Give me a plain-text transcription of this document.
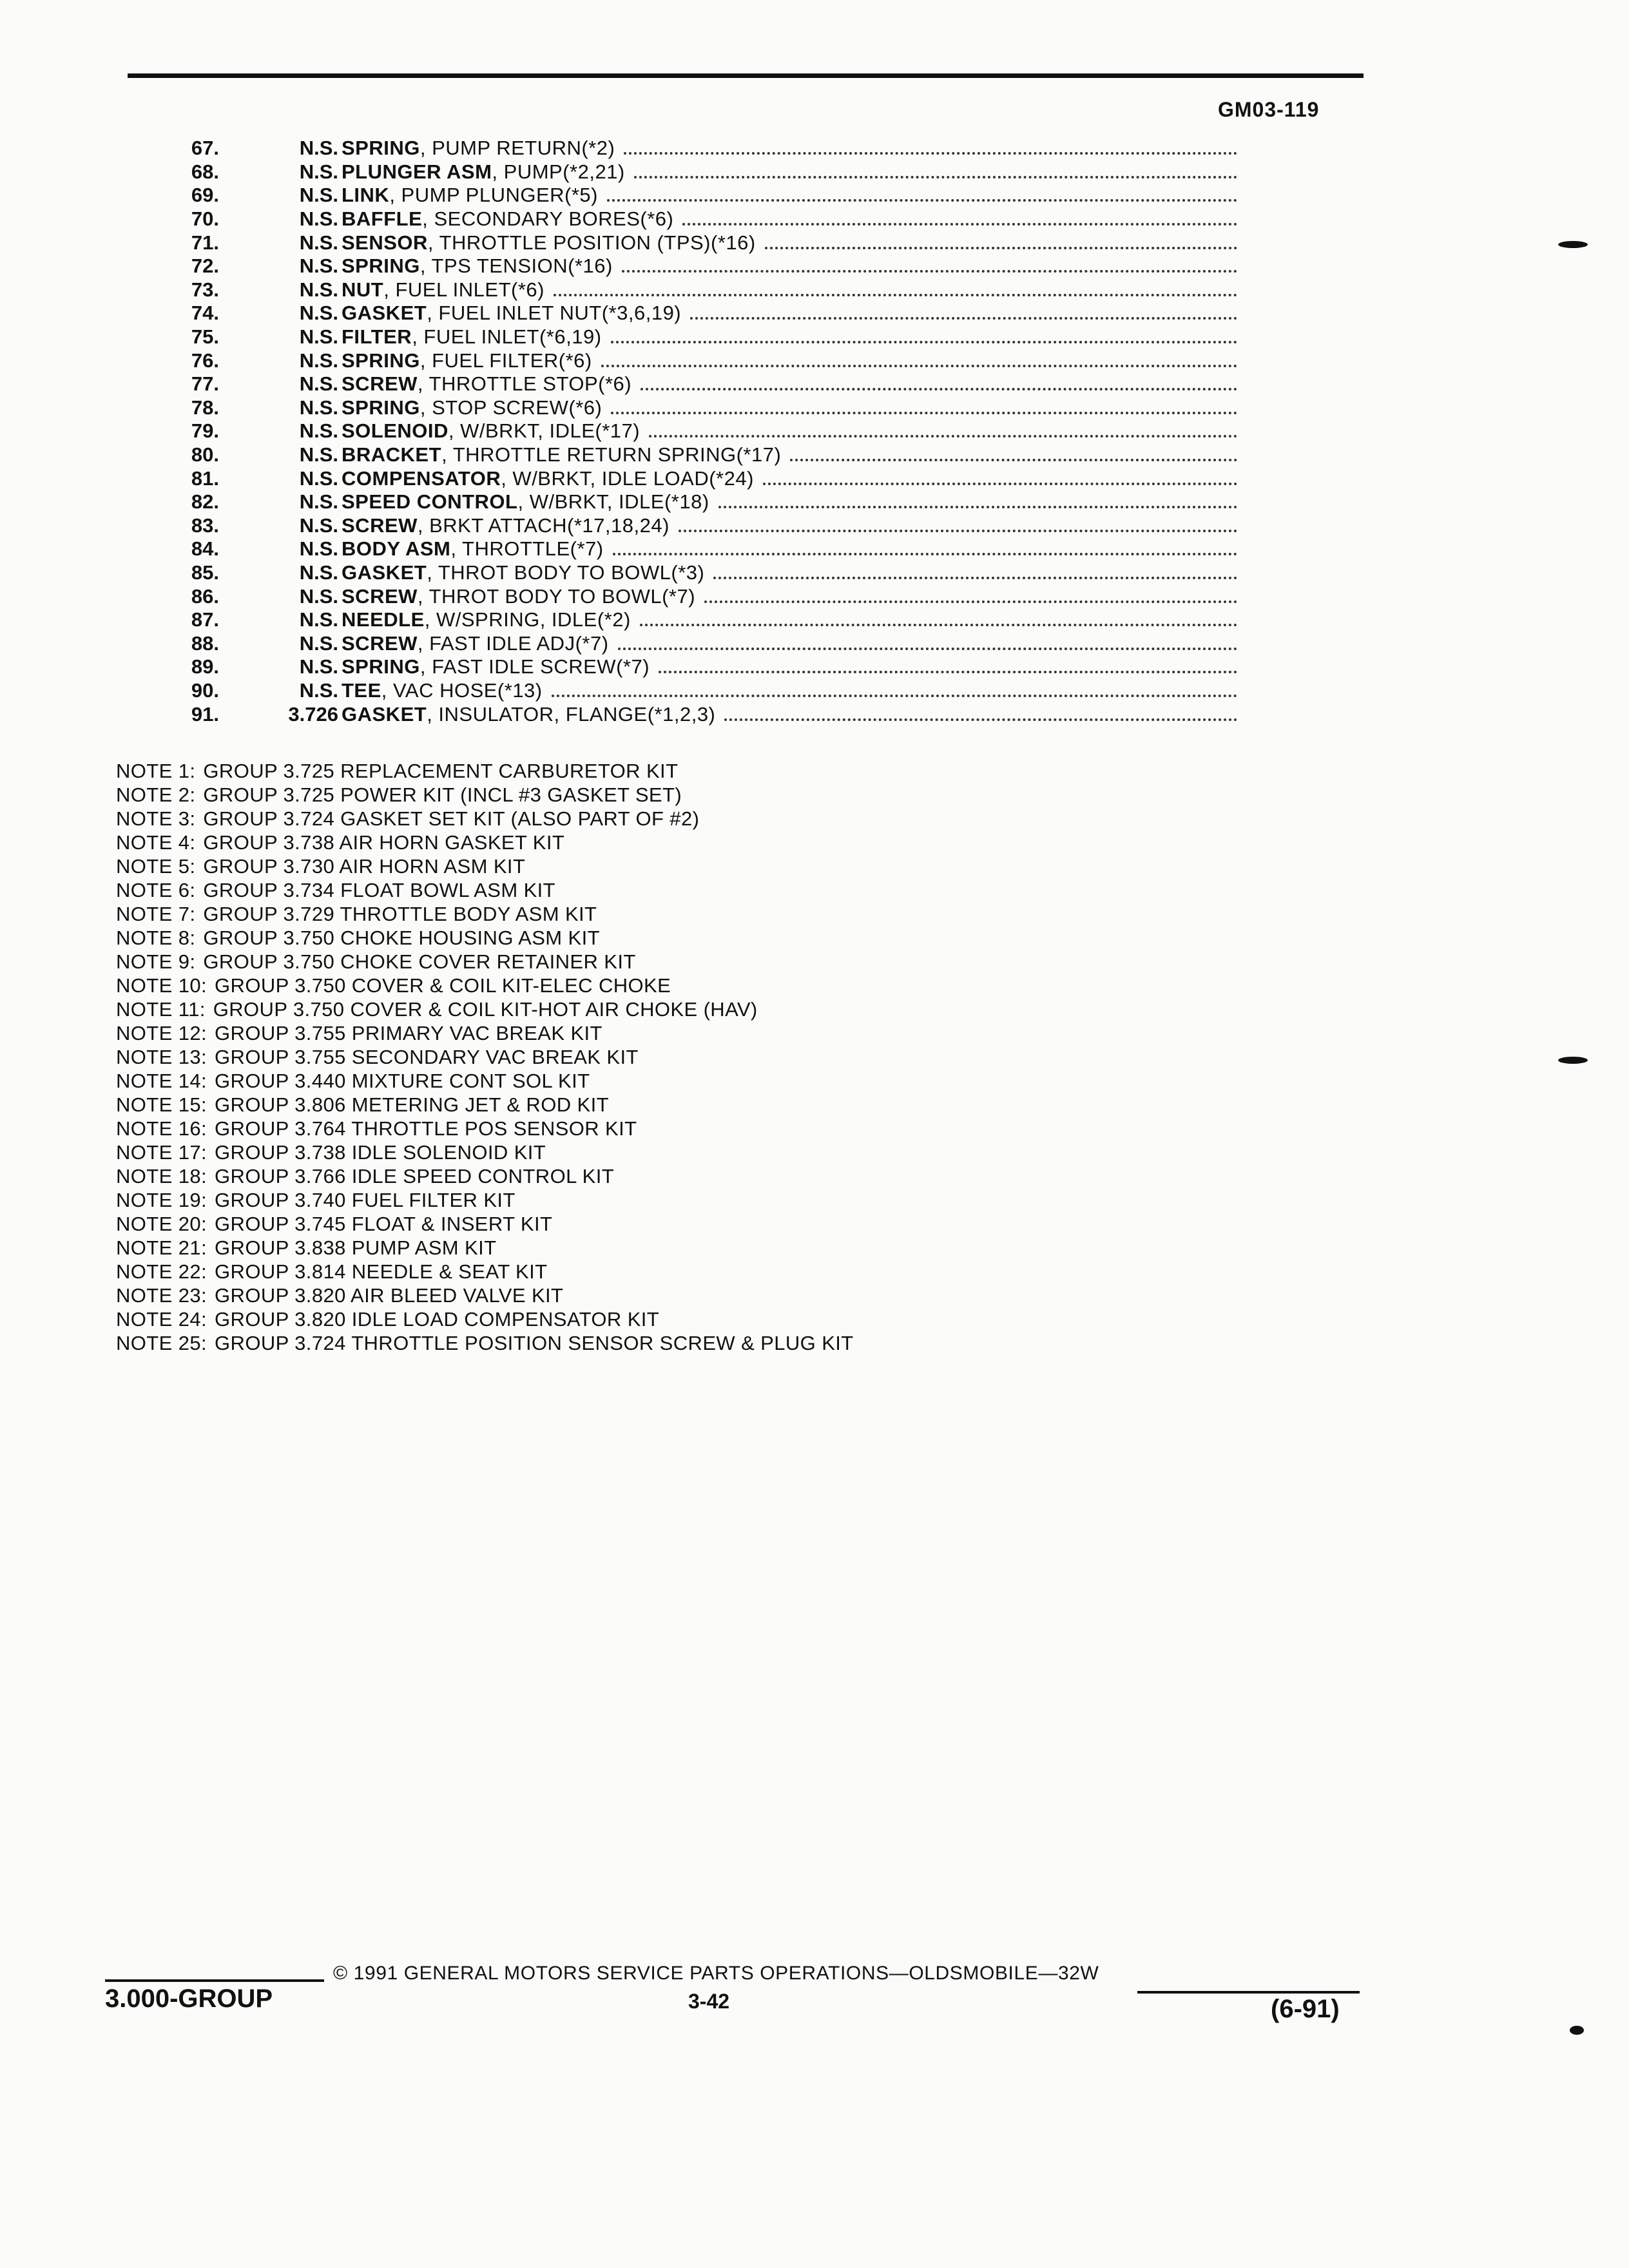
GM03-119
67.	N.S. SPRING , PUMP RETURN(*2)
68.	N.S. PLUNGER ASM , PUMP(*2,21)
69.	N.S. LINK , PUMP PLUNGER(*5)
70.	N.S. BAFFLE , SECONDARY BORES(*6)
71.	N.S. SENSOR , THROTTLE POSITION (TPS)(*16)
72.	N.S. SPRING , TPS TENSION(*16)
73.	N.S. NUT , FUEL INLET(*6)
74.	N.S. GASKET , FUEL INLET NUT(*3,6,19)
75.	N.S. FILTER , FUEL INLET(*6,19)
76.	N.S. SPRING , FUEL FILTER(*6)
77.	N.S. SCREW , THROTTLE STOP(*6)
78.	N.S. SPRING , STOP SCREW(*6)
79.	N.S. SOLENOID , W/BRKT, IDLE(*17)
80.	N.S. BRACKET , THROTTLE RETURN SPRING(*17)
81.	N.S. COMPENSATOR , W/BRKT, IDLE LOAD(*24)
82.	N.S. SPEED CONTROL , W/BRKT, IDLE(*18)
83.	N.S. SCREW , BRKT ATTACH(*17,18,24)
84.	N.S. BODY ASM , THROTTLE(*7)
85.	N.S. GASKET , THROT BODY TO BOWL(*3)
86.	N.S. SCREW , THROT BODY TO BOWL(*7)
87.	N.S. NEEDLE , W/SPRING, IDLE(*2)
88.	N.S. SCREW , FAST IDLE ADJ(*7)
89.	N.S. SPRING , FAST IDLE SCREW(*7)
90.	N.S. TEE , VAC HOSE(*13)
91.	3.726 GASKET , INSULATOR, FLANGE(*1,2,3)
NOTE 1: GROUP 3.725 REPLACEMENT CARBURETOR KIT
NOTE 2: GROUP 3.725 POWER KIT (INCL #3 GASKET SET)
NOTE 3: GROUP 3.724 GASKET SET KIT (ALSO PART OF #2)
NOTE 4: GROUP 3.738 AIR HORN GASKET KIT
NOTE 5: GROUP 3.730 AIR HORN ASM KIT
NOTE 6: GROUP 3.734 FLOAT BOWL ASM KIT
NOTE 7: GROUP 3.729 THROTTLE BODY ASM KIT
NOTE 8: GROUP 3.750 CHOKE HOUSING ASM KIT
NOTE 9: GROUP 3.750 CHOKE COVER RETAINER KIT
NOTE 10: GROUP 3.750 COVER & COIL KIT-ELEC CHOKE
NOTE 11: GROUP 3.750 COVER & COIL KIT-HOT AIR CHOKE (HAV)
NOTE 12: GROUP 3.755 PRIMARY VAC BREAK KIT
NOTE 13: GROUP 3.755 SECONDARY VAC BREAK KIT
NOTE 14: GROUP 3.440 MIXTURE CONT SOL KIT
NOTE 15: GROUP 3.806 METERING JET & ROD KIT
NOTE 16: GROUP 3.764 THROTTLE POS SENSOR KIT
NOTE 17: GROUP 3.738 IDLE SOLENOID KIT
NOTE 18: GROUP 3.766 IDLE SPEED CONTROL KIT
NOTE 19: GROUP 3.740 FUEL FILTER KIT
NOTE 20: GROUP 3.745 FLOAT & INSERT KIT
NOTE 21: GROUP 3.838 PUMP ASM KIT
NOTE 22: GROUP 3.814 NEEDLE & SEAT KIT
NOTE 23: GROUP 3.820 AIR BLEED VALVE KIT
NOTE 24: GROUP 3.820 IDLE LOAD COMPENSATOR KIT
NOTE 25: GROUP 3.724 THROTTLE POSITION SENSOR SCREW & PLUG KIT
3.000-GROUP
© 1991 GENERAL MOTORS SERVICE PARTS OPERATIONS—OLDSMOBILE—32W
3-42	(6-91)
